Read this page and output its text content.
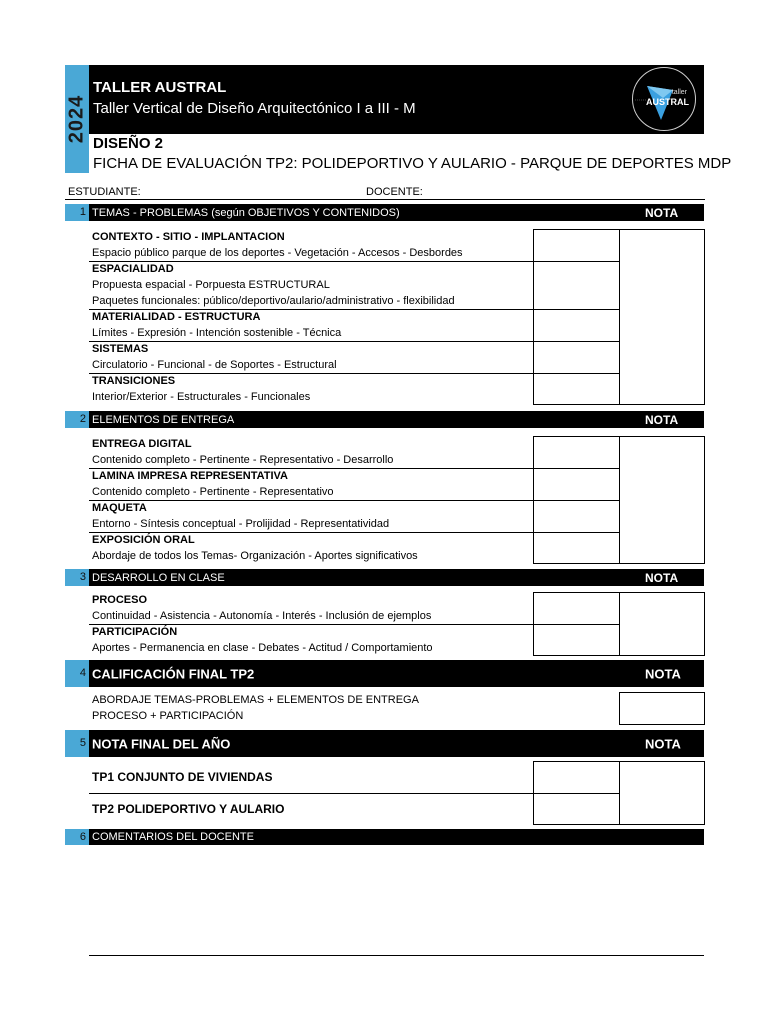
2024
TALLER AUSTRAL
Taller Vertical de Diseño Arquitectónico I a III - M
taller
AUSTRAL
DISEÑO 2
FICHA DE EVALUACIÓN TP2: POLIDEPORTIVO Y AULARIO - PARQUE DE DEPORTES MDP
ESTUDIANTE:	DOCENTE:
1 TEMAS - PROBLEMAS (según OBJETIVOS Y CONTENIDOS)	NOTA
CONTEXTO - SITIO - IMPLANTACION
Espacio público parque de los deportes - Vegetación - Accesos - Desbordes
ESPACIALIDAD
Propuesta espacial - Porpuesta ESTRUCTURAL
Paquetes funcionales: público/deportivo/aulario/administrativo - flexibilidad
MATERIALIDAD - ESTRUCTURA
Límites - Expresión - Intención sostenible - Técnica
SISTEMAS
Circulatorio - Funcional - de Soportes - Estructural
TRANSICIONES
Interior/Exterior - Estructurales - Funcionales
2 ELEMENTOS DE ENTREGA	NOTA
ENTREGA DIGITAL
Contenido completo - Pertinente - Representativo - Desarrollo
LAMINA IMPRESA REPRESENTATIVA
Contenido completo - Pertinente - Representativo
MAQUETA
Entorno - Síntesis conceptual - Prolijidad - Representatividad
EXPOSICIÓN ORAL
Abordaje de todos los Temas- Organización - Aportes significativos
3 DESARROLLO EN CLASE	NOTA
PROCESO
Continuidad - Asistencia - Autonomía - Interés - Inclusión de ejemplos
PARTICIPACIÓN
Aportes - Permanencia en clase - Debates - Actitud / Comportamiento
4 CALIFICACIÓN FINAL TP2	NOTA
ABORDAJE TEMAS-PROBLEMAS + ELEMENTOS DE ENTREGA
PROCESO + PARTICIPACIÓN
5 NOTA FINAL DEL AÑO	NOTA
TP1 CONJUNTO DE VIVIENDAS
TP2 POLIDEPORTIVO Y AULARIO
6 COMENTARIOS DEL DOCENTE
